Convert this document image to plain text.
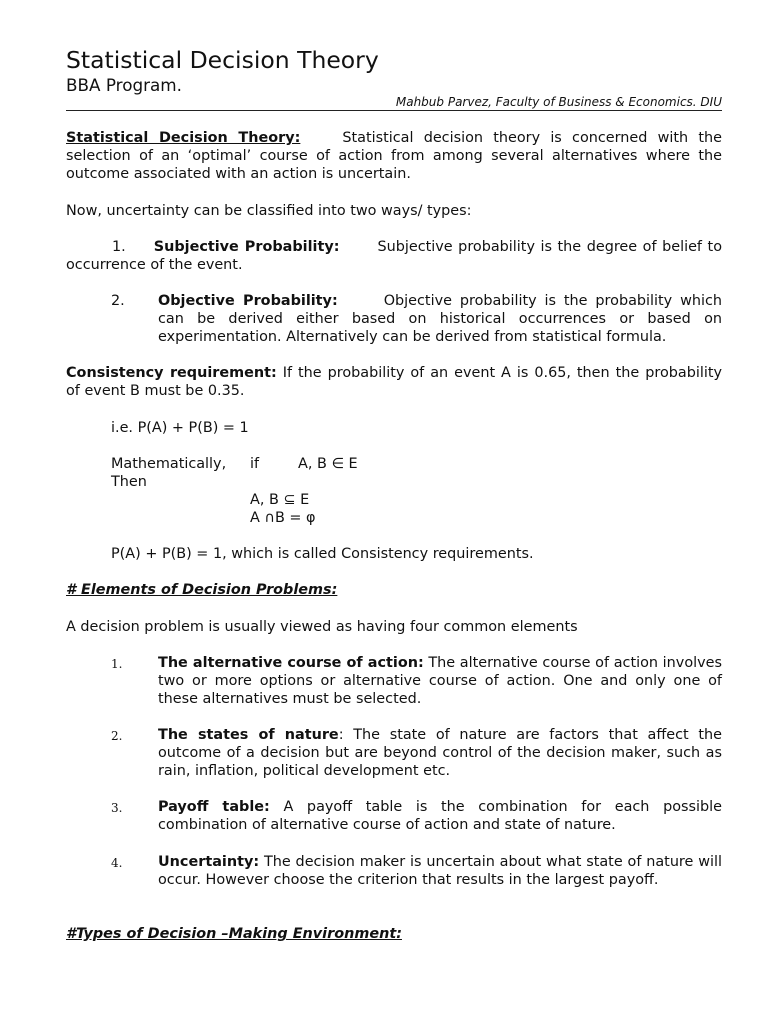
Statistical Decision Theory
BBA Program.
Mahbub Parvez, Faculty of Business & Economics. DIU
Statistical Decision Theory:	Statistical decision theory is concerned with the selection of an ‘optimal’ course of action from among several alternatives where the outcome associated with an action is uncertain.
Now, uncertainty can be classified into two ways/ types:
1. Subjective Probability:	Subjective probability is the degree of belief to occurrence of the event.
2. Objective Probability:	Objective probability is the probability which can be derived either based on historical occurrences or based on experimentation. Alternatively can be derived from statistical formula.
Consistency requirement: If the probability of an event A is 0.65, then the probability of event B must be 0.35.
i.e. P(A) + P(B) = 1
Mathematically, if	A, B ∈ E
Then
A, B ⊆ E
A ∩B = φ
P(A) + P(B) = 1, which is called Consistency requirements.
# Elements of Decision Problems:
A decision problem is usually viewed as having four common elements
1. The alternative course of action: The alternative course of action involves two or more options or alternative course of action. One and only one of these alternatives must be selected.
2. The states of nature: The state of nature are factors that affect the outcome of a decision but are beyond control of the decision maker, such as rain, inflation, political development etc.
3. Payoff table: A payoff table is the combination for each possible combination of alternative course of action and state of nature.
4. Uncertainty: The decision maker is uncertain about what state of nature will occur. However choose the criterion that results in the largest payoff.
#Types of Decision –Making Environment:
